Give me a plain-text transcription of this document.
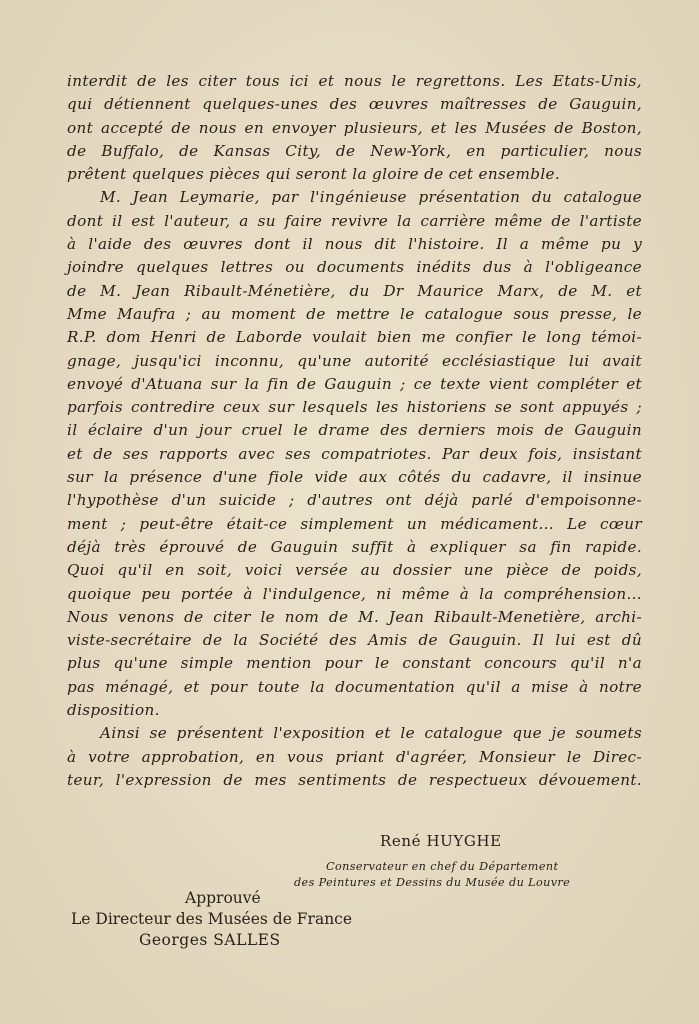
interdit de les citer tous ici et nous le regrettons. Les Etats-Unis,
qui détiennent quelques-unes des œuvres maîtresses de Gauguin,
ont accepté de nous en envoyer plusieurs, et les Musées de Boston,
de Buffalo, de Kansas City, de New-York, en particulier, nous
prêtent quelques pièces qui seront la gloire de cet ensemble.
M. Jean Leymarie, par l'ingénieuse présentation du catalogue
dont il est l'auteur, a su faire revivre la carrière même de l'artiste
à l'aide des œuvres dont il nous dit l'histoire. Il a même pu y
joindre quelques lettres ou documents inédits dus à l'obligeance
de M. Jean Ribault-Ménetière, du Dr Maurice Marx, de M. et
Mme Maufra ; au moment de mettre le catalogue sous presse, le
R.P. dom Henri de Laborde voulait bien me confier le long témoi-
gnage, jusqu'ici inconnu, qu'une autorité ecclésiastique lui avait
envoyé d'Atuana sur la fin de Gauguin ; ce texte vient compléter et
parfois contredire ceux sur lesquels les historiens se sont appuyés ;
il éclaire d'un jour cruel le drame des derniers mois de Gauguin
et de ses rapports avec ses compatriotes. Par deux fois, insistant
sur la présence d'une fiole vide aux côtés du cadavre, il insinue
l'hypothèse d'un suicide ; d'autres ont déjà parlé d'empoisonne-
ment ; peut-être était-ce simplement un médicament... Le cœur
déjà très éprouvé de Gauguin suffit à expliquer sa fin rapide.
Quoi qu'il en soit, voici versée au dossier une pièce de poids,
quoique peu portée à l'indulgence, ni même à la compréhension...
Nous venons de citer le nom de M. Jean Ribault-Menetière, archi-
viste-secrétaire de la Société des Amis de Gauguin. Il lui est dû
plus qu'une simple mention pour le constant concours qu'il n'a
pas ménagé, et pour toute la documentation qu'il a mise à notre
disposition.
Ainsi se présentent l'exposition et le catalogue que je soumets
à votre approbation, en vous priant d'agréer, Monsieur le Direc-
teur, l'expression de mes sentiments de respectueux dévouement.
René HUYGHE
Conservateur en chef du Département
des Peintures et Dessins du Musée du Louvre
Approuvé
Le Directeur des Musées de France
Georges SALLES
